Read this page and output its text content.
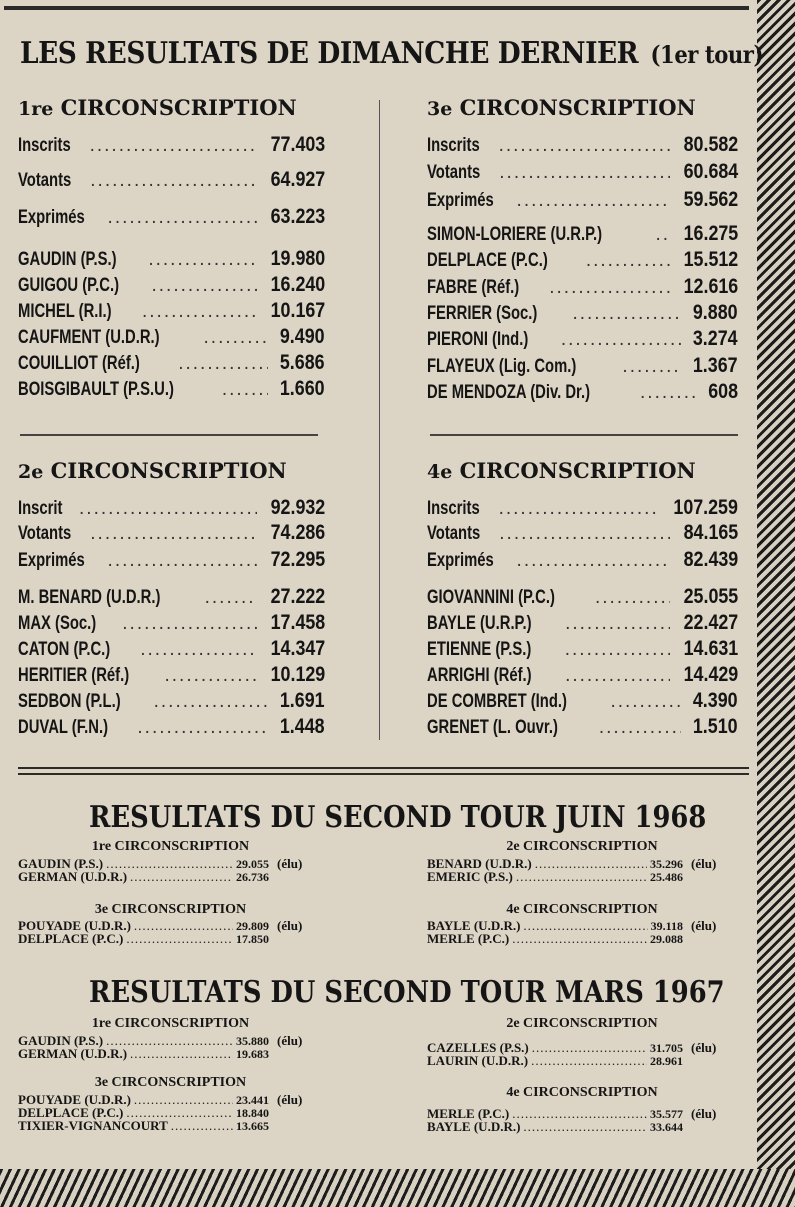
LES RESULTATS DE DIMANCHE DERNIER (1er tour)
1re CIRCONSCRIPTION
Inscrits .....	77.403
Votants .....	64.927
Exprimés .....	63.223
GAUDIN (P.S.) .....	19.980
GUIGOU (P.C.) .....	16.240
MICHEL (R.I.) .....	10.167
CAUFMENT (U.D.R.) .....	9.490
COUILLIOT (Réf.) .....	5.686
BOISGIBAULT (P.S.U.) .....	1.660
3e CIRCONSCRIPTION
Inscrits .....	80.582
Votants .....	60.684
Exprimés .....	59.562
SIMON-LORIERE (U.R.P.) .....	16.275
DELPLACE (P.C.) .....	15.512
FABRE (Réf.) .....	12.616
FERRIER (Soc.) .....	9.880
PIERONI (Ind.) .....	3.274
FLAYEUX (Lig. Com.) .....	1.367
DE MENDOZA (Div. Dr.) .....	608
2e CIRCONSCRIPTION
Inscrit .....	92.932
Votants .....	74.286
Exprimés .....	72.295
M. BENARD (U.D.R.) .....	27.222
MAX (Soc.) .....	17.458
CATON (P.C.) .....	14.347
HERITIER (Réf.) .....	10.129
SEDBON (P.L.) .....	1.691
DUVAL (F.N.) .....	1.448
4e CIRCONSCRIPTION
Inscrits .....	107.259
Votants .....	84.165
Exprimés .....	82.439
GIOVANNINI (P.C.) .....	25.055
BAYLE (U.R.P.) .....	22.427
ETIENNE (P.S.) .....	14.631
ARRIGHI (Réf.) .....	14.429
DE COMBRET (Ind.) .....	4.390
GRENET (L. Ouvr.) .....	1.510
RESULTATS DU SECOND TOUR JUIN 1968
1re CIRCONSCRIPTION
GAUDIN (P.S.) .....	29.055 (élu)
GERMAN (U.D.R.) .....	26.736
2e CIRCONSCRIPTION
BENARD (U.D.R.) .....	35.296 (élu)
EMERIC (P.S.) .....	25.486
3e CIRCONSCRIPTION
POUYADE (U.D.R.) .....	29.809 (élu)
DELPLACE (P.C.) .....	17.850
4e CIRCONSCRIPTION
BAYLE (U.D.R.) .....	39.118 (élu)
MERLE (P.C.) .....	29.088
RESULTATS DU SECOND TOUR MARS 1967
1re CIRCONSCRIPTION
GAUDIN (P.S.) .....	35.880 (élu)
GERMAN (U.D.R.) .....	19.683
2e CIRCONSCRIPTION
CAZELLES (P.S.) .....	31.705 (élu)
LAURIN (U.D.R.) .....	28.961
3e CIRCONSCRIPTION
POUYADE (U.D.R.) .....	23.441 (élu)
DELPLACE (P.C.) .....	18.840
TIXIER-VIGNANCOURT .....	13.665
4e CIRCONSCRIPTION
MERLE (P.C.) .....	35.577 (élu)
BAYLE (U.D.R.) .....	33.644
